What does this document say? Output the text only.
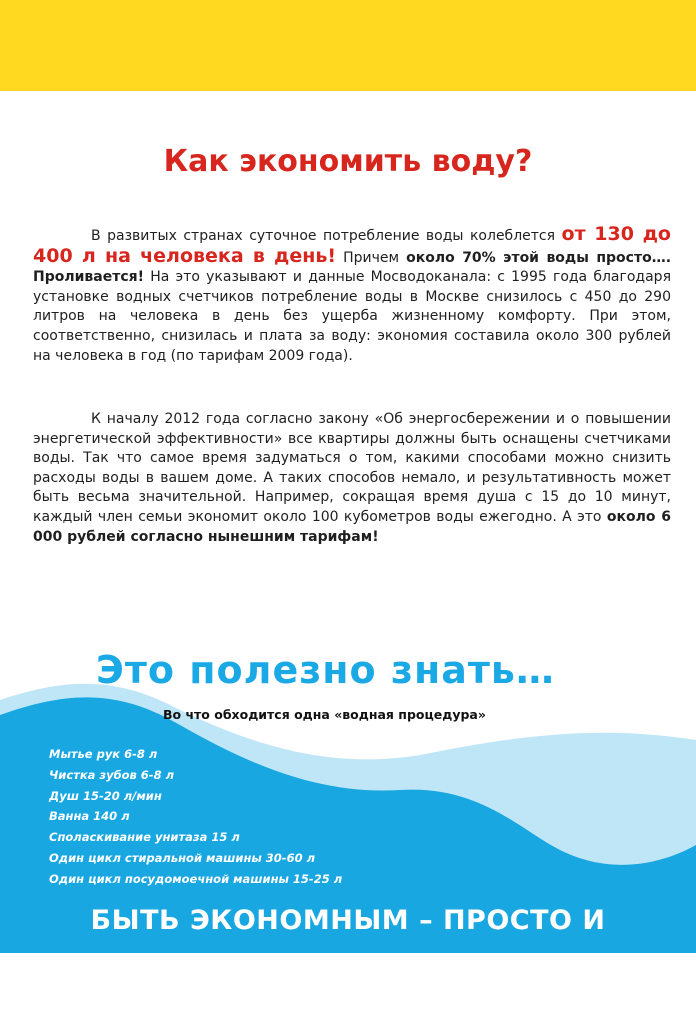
Как экономить воду?

В развитых странах суточное потребление воды колеблется от 130 до 400 л на человека в день! Причем около 70% этой воды просто…. Проливается! На это указывают и данные Мосводоканала: с 1995 года благодаря установке водных счетчиков потребление воды в Москве снизилось с 450 до 290 литров на человека в день без ущерба жизненному комфорту. При этом, соответственно, снизилась и плата за воду: экономия составила около 300 рублей на человека в год (по тарифам 2009 года).

К началу 2012 года согласно закону «Об энергосбережении и о повышении энергетической эффективности» все квартиры должны быть оснащены счетчиками воды. Так что самое время задуматься о том, какими способами можно снизить расходы воды в вашем доме. А таких способов немало, и результативность может быть весьма значительной. Например, сокращая время душа с 15 до 10 минут, каждый член семьи экономит около 100 кубометров воды ежегодно. А это около 6 000 рублей согласно нынешним тарифам!

Это полезно знать…

Во что обходится одна «водная процедура»

Мытье рук 6-8 л
Чистка зубов 6-8 л
Душ 15-20 л/мин
Ванна 140 л
Споласкивание унитаза 15 л
Один цикл стиральной машины 30-60 л
Один цикл посудомоечной машины 15-25 л

БЫТЬ ЭКОНОМНЫМ – ПРОСТО И ВЫГОДНО!
